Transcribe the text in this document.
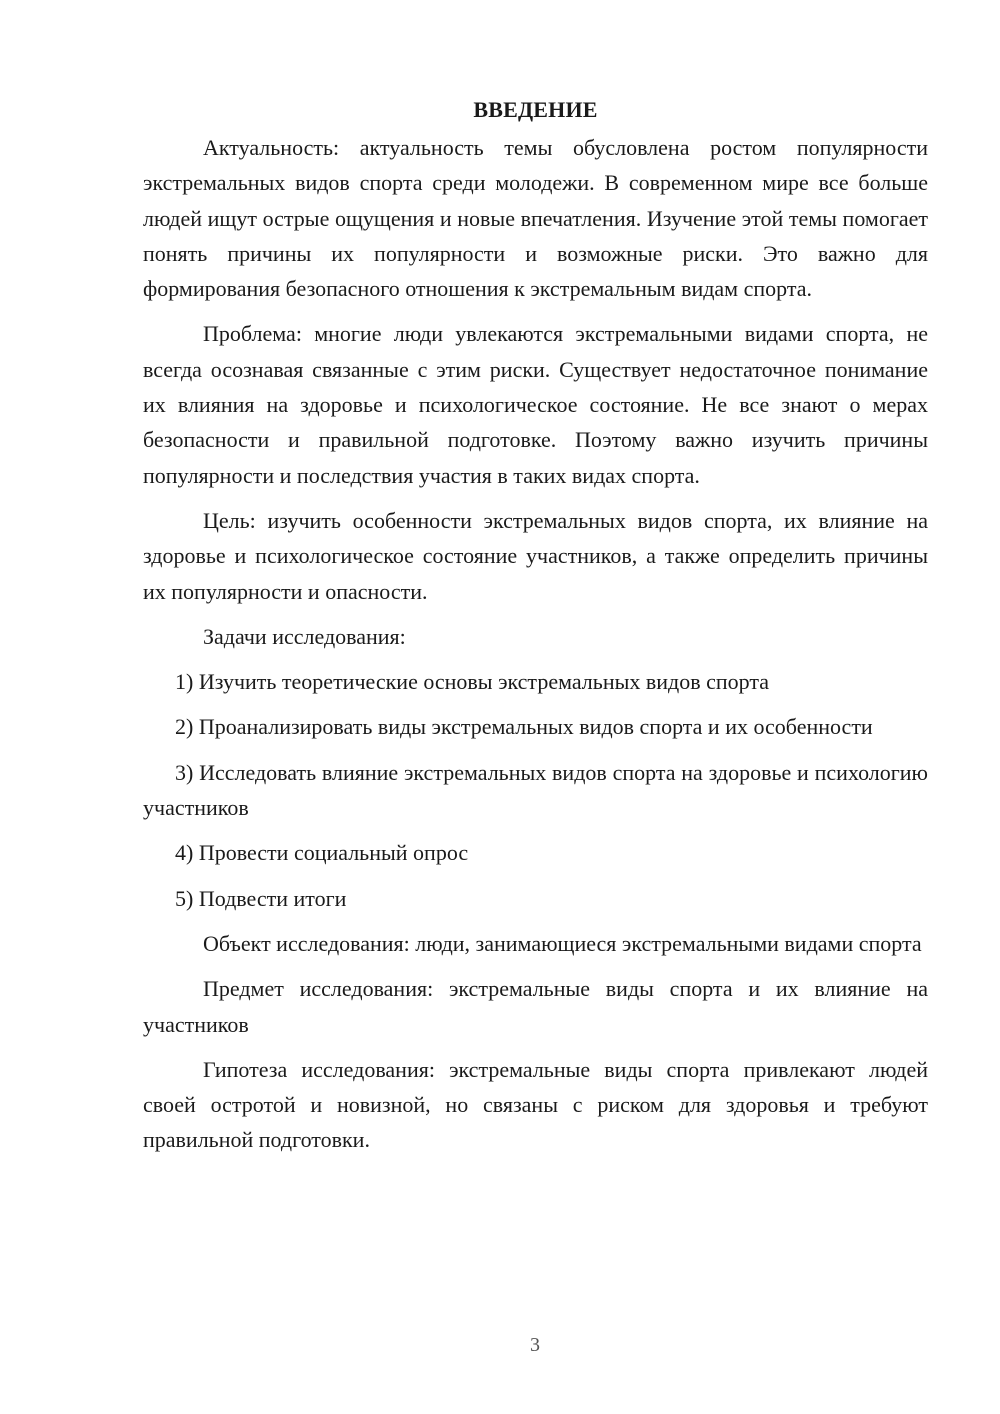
ВВЕДЕНИЕ

Актуальность: актуальность темы обусловлена ростом популярности экстремальных видов спорта среди молодежи. В современном мире все больше людей ищут острые ощущения и новые впечатления. Изучение этой темы помогает понять причины их популярности и возможные риски. Это важно для формирования безопасного отношения к экстремальным видам спорта.

Проблема: многие люди увлекаются экстремальными видами спорта, не всегда осознавая связанные с этим риски. Существует недостаточное понимание их влияния на здоровье и психологическое состояние. Не все знают о мерах безопасности и правильной подготовке. Поэтому важно изучить причины популярности и последствия участия в таких видах спорта.

Цель: изучить особенности экстремальных видов спорта, их влияние на здоровье и психологическое состояние участников, а также определить причины их популярности и опасности.

Задачи исследования:

1) Изучить теоретические основы экстремальных видов спорта

2) Проанализировать виды экстремальных видов спорта и их особенности

3) Исследовать влияние экстремальных видов спорта на здоровье и психологию участников

4) Провести социальный опрос

5) Подвести итоги

Объект исследования: люди, занимающиеся экстремальными видами спорта

Предмет исследования: экстремальные виды спорта и их влияние на участников

Гипотеза исследования: экстремальные виды спорта привлекают людей своей остротой и новизной, но связаны с риском для здоровья и требуют правильной подготовки.

3
